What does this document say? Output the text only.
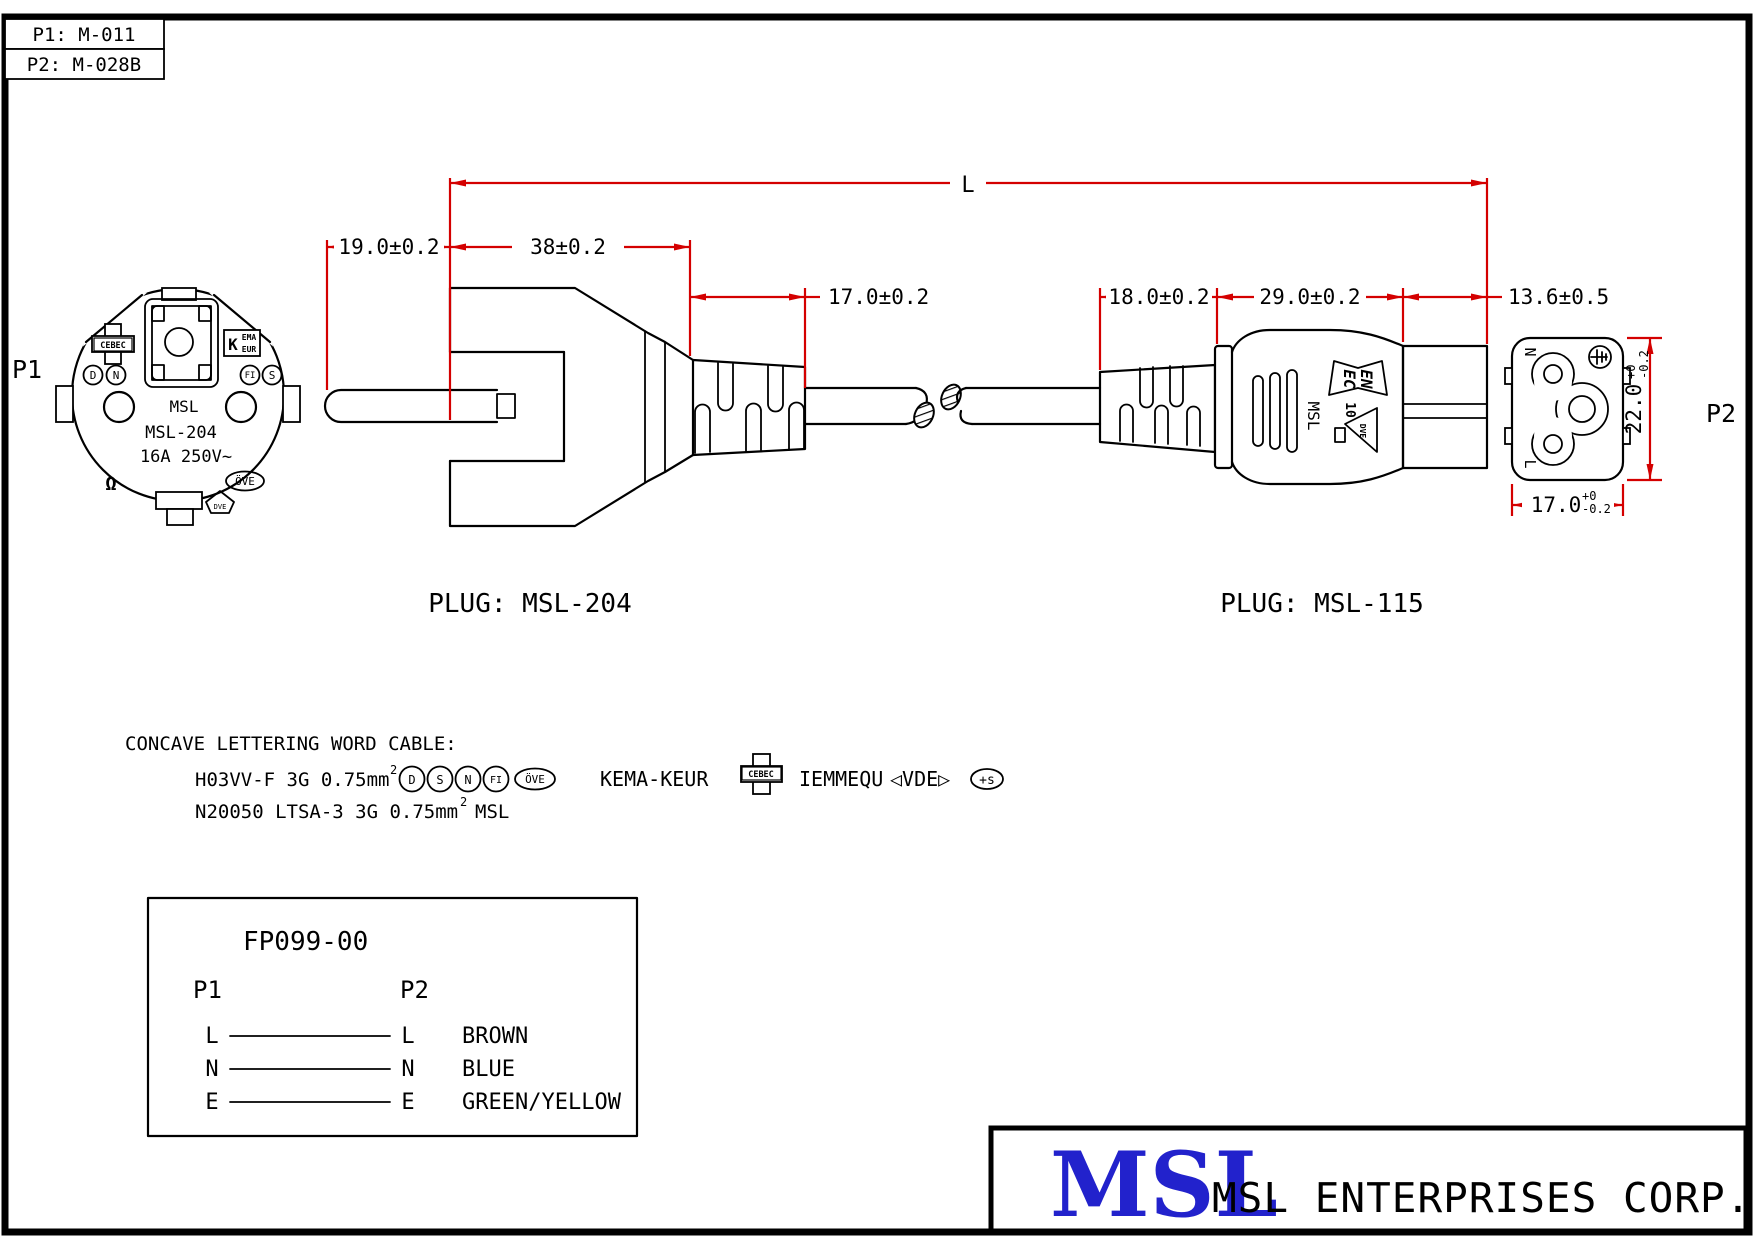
P1: M-011
P2: M-028B
P1
P2
CEBEC	K EMA
EUR
D N	FI S
MSL
MSL-204
16A 250V~
Ω	ÖVE
DVE
MSL
EN
EC
10
DVE
N
L
L
19.0±0.2	38±0.2
17.0±0.2	18.0±0.2 29.0±0.2	13.6±0.5
22.0
+0 -0.2
17.0 +0
-0.2
PLUG: MSL-204	PLUG: MSL-115
CONCAVE LETTERING WORD CABLE:
H03VV-F 3G 0.75mm 2
D S N FI ÖVE	KEMA-KEUR	CEBEC IEMMEQU ◁VDE▷ +s
N20050 LTSA-3 3G 0.75mm 2 MSL
FP099-00
P1	P2
L	L BROWN
N	N BLUE
E	E GREEN/YELLOW
MSL
MSL ENTERPRISES CORP.
